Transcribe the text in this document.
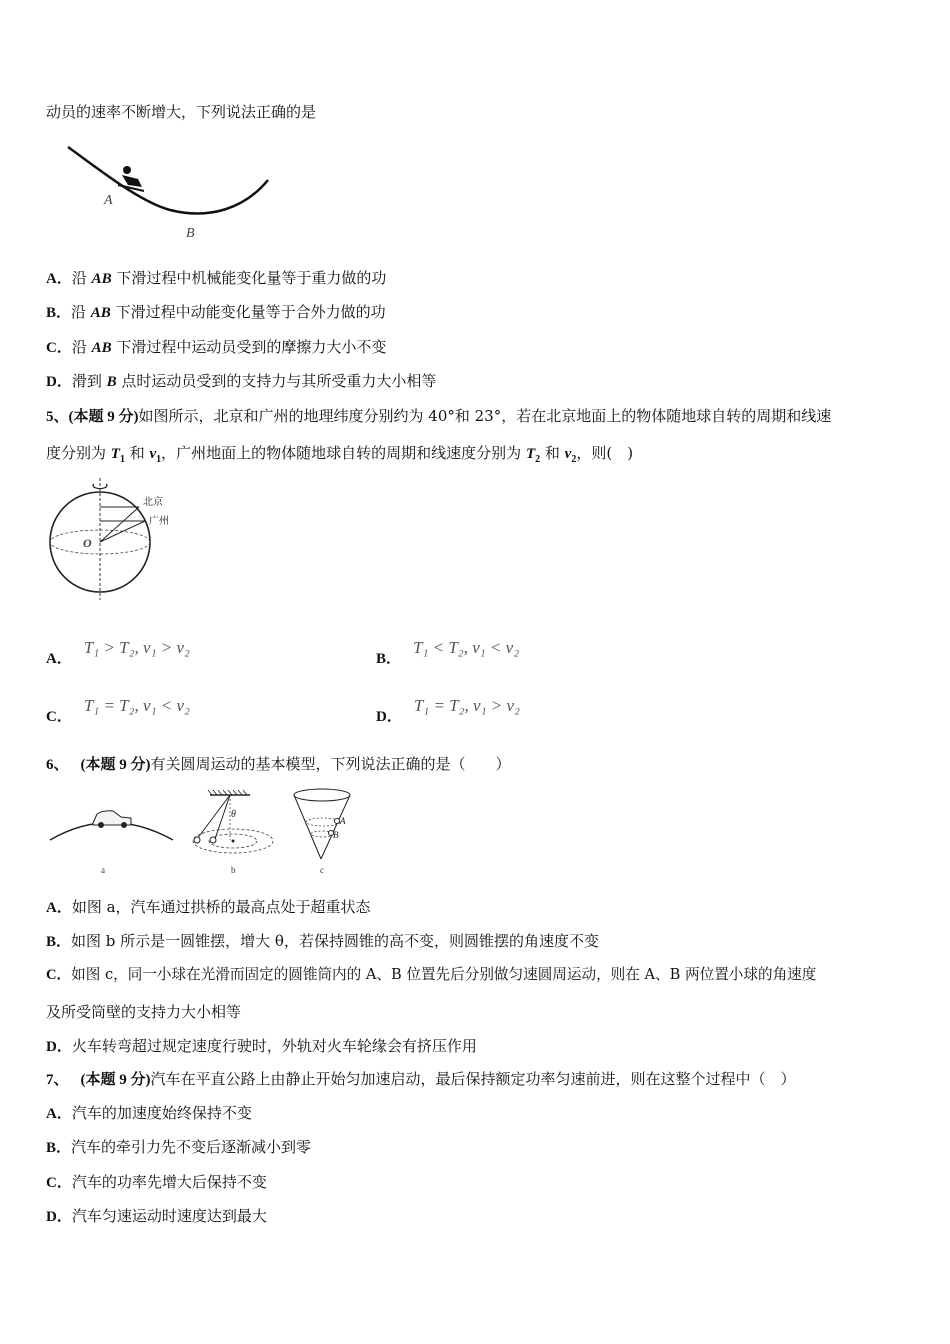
动员的速率不断增大，下列说法正确的是
A
B
A．沿 AB 下滑过程中机械能变化量等于重力做的功
B．沿 AB 下滑过程中动能变化量等于合外力做的功
C．沿 AB 下滑过程中运动员受到的摩擦力大小不变
D．滑到 B 点时运动员受到的支持力与其所受重力大小相等
5、(本题 9 分)如图所示，北京和广州的地理纬度分别约为 40°和 23°，若在北京地面上的物体随地球自转的周期和线速
度分别为 $T_1$ 和 $v_1$，广州地面上的物体随地球自转的周期和线速度分别为 $T_2$ 和 $v_2$，则(　)
O
北京
广州
A．T₁ > T₂, v₁ > v₂
B．T₁ < T₂, v₁ < v₂
C．T₁ = T₂, v₁ < v₂
D．T₁ = T₂, v₁ > v₂
6、 (本题 9 分)有关圆周运动的基本模型，下列说法正确的是（　　）
a
θ
b
A
B
c
A．如图 a，汽车通过拱桥的最高点处于超重状态
B．如图 b 所示是一圆锥摆，增大 θ，若保持圆锥的高不变，则圆锥摆的角速度不变
C．如图 c，同一小球在光滑而固定的圆锥筒内的 A、B 位置先后分别做匀速圆周运动，则在 A、B 两位置小球的角速度
及所受筒壁的支持力大小相等
D．火车转弯超过规定速度行驶时，外轨对火车轮缘会有挤压作用
7、 (本题 9 分)汽车在平直公路上由静止开始匀加速启动，最后保持额定功率匀速前进，则在这整个过程中（　）
A．汽车的加速度始终保持不变
B．汽车的牵引力先不变后逐渐减小到零
C．汽车的功率先增大后保持不变
D．汽车匀速运动时速度达到最大
